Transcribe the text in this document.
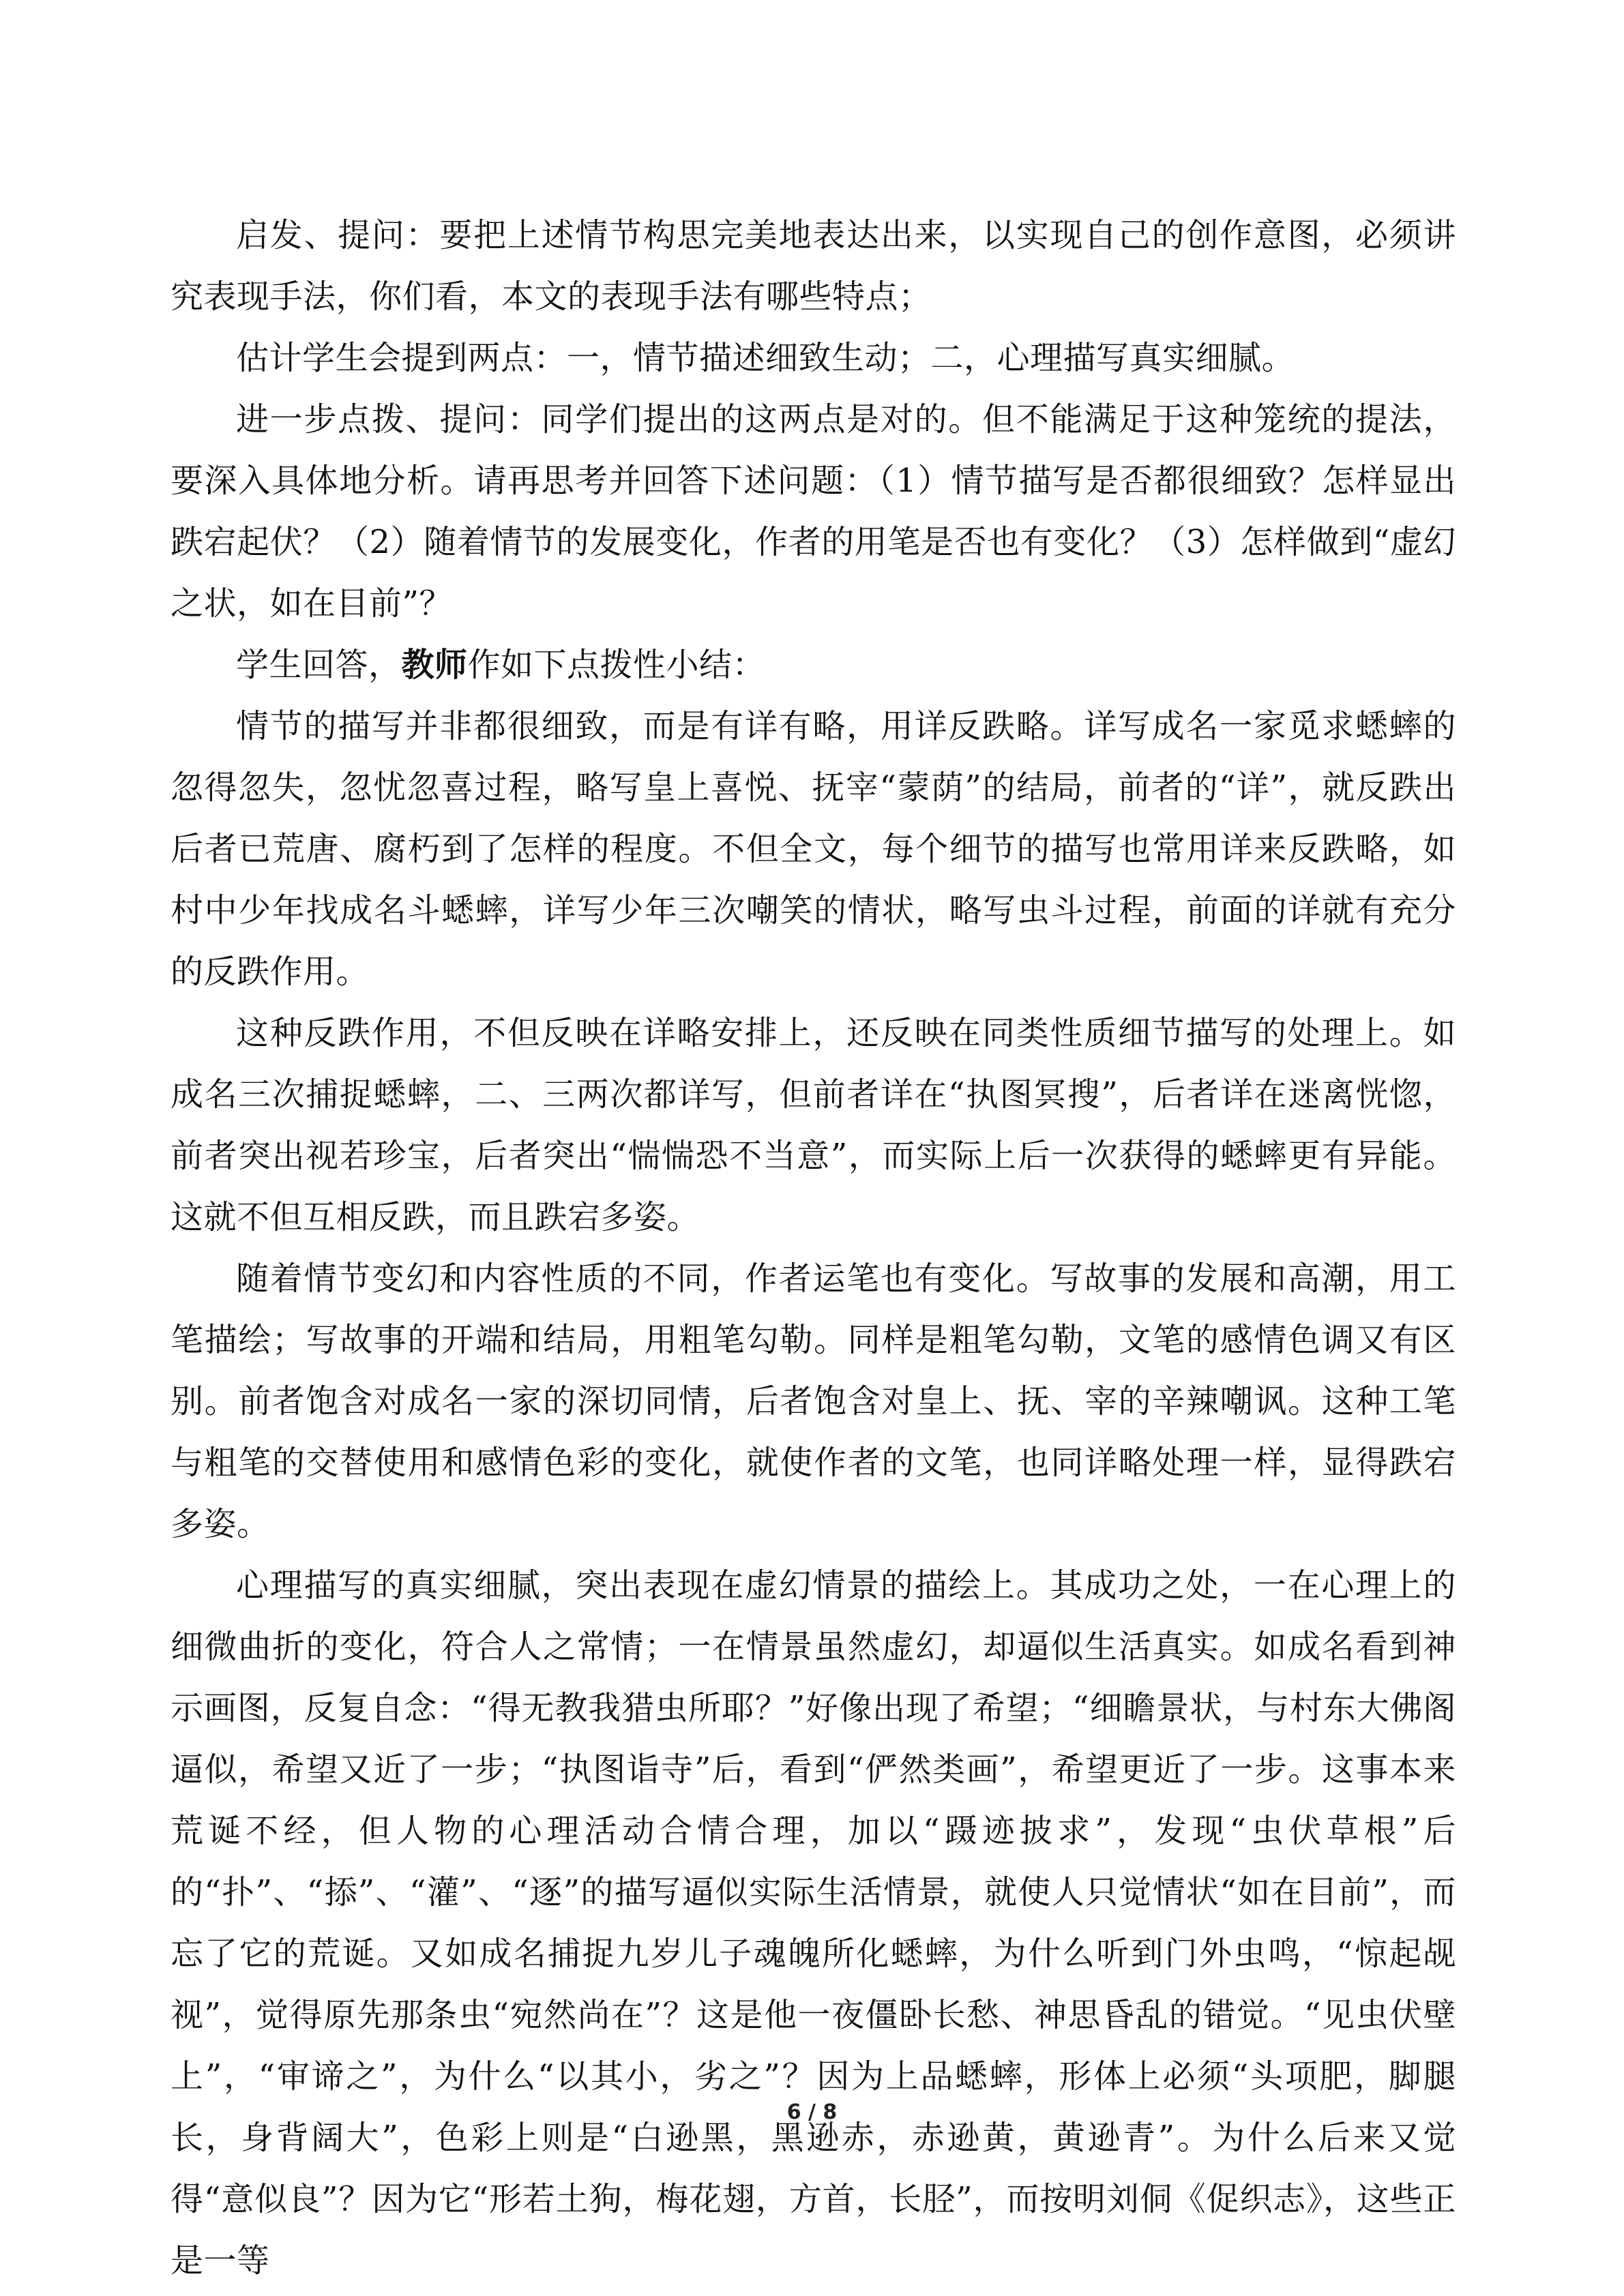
启发、提问：要把上述情节构思完美地表达出来，以实现自己的创作意图，必须讲究表现手法，你们看，本文的表现手法有哪些特点；

估计学生会提到两点：一，情节描述细致生动；二，心理描写真实细腻。

进一步点拨、提问：同学们提出的这两点是对的。但不能满足于这种笼统的提法，要深入具体地分析。请再思考并回答下述问题：（1）情节描写是否都很细致？怎样显出跌宕起伏？（2）随着情节的发展变化，作者的用笔是否也有变化？（3）怎样做到“虚幻之状，如在目前”？

学生回答，教师作如下点拨性小结：

情节的描写并非都很细致，而是有详有略，用详反跌略。详写成名一家觅求蟋蟀的忽得忽失，忽忧忽喜过程，略写皇上喜悦、抚宰“蒙荫”的结局，前者的“详”，就反跌出后者已荒唐、腐朽到了怎样的程度。不但全文，每个细节的描写也常用详来反跌略，如村中少年找成名斗蟋蟀，详写少年三次嘲笑的情状，略写虫斗过程，前面的详就有充分的反跌作用。

这种反跌作用，不但反映在详略安排上，还反映在同类性质细节描写的处理上。如成名三次捕捉蟋蟀，二、三两次都详写，但前者详在“执图冥搜”，后者详在迷离恍惚，前者突出视若珍宝，后者突出“惴惴恐不当意”，而实际上后一次获得的蟋蟀更有异能。这就不但互相反跌，而且跌宕多姿。

随着情节变幻和内容性质的不同，作者运笔也有变化。写故事的发展和高潮，用工笔描绘；写故事的开端和结局，用粗笔勾勒。同样是粗笔勾勒，文笔的感情色调又有区别。前者饱含对成名一家的深切同情，后者饱含对皇上、抚、宰的辛辣嘲讽。这种工笔与粗笔的交替使用和感情色彩的变化，就使作者的文笔，也同详略处理一样，显得跌宕多姿。

心理描写的真实细腻，突出表现在虚幻情景的描绘上。其成功之处，一在心理上的细微曲折的变化，符合人之常情；一在情景虽然虚幻，却逼似生活真实。如成名看到神示画图，反复自念：“得无教我猎虫所耶？”好像出现了希望；“细瞻景状，与村东大佛阁逼似，希望又近了一步；“执图诣寺”后，看到“俨然类画”，希望更近了一步。这事本来荒诞不经，但人物的心理活动合情合理，加以“蹑迹披求”，发现“虫伏草根”后的“扑”、“掭”、“灌”、“逐”的描写逼似实际生活情景，就使人只觉情状“如在目前”，而忘了它的荒诞。又如成名捕捉九岁儿子魂魄所化蟋蟀，为什么听到门外虫鸣，“惊起觇视”，觉得原先那条虫“宛然尚在”？这是他一夜僵卧长愁、神思昏乱的错觉。“见虫伏壁上”，“审谛之”，为什么“以其小，劣之”？因为上品蟋蟀，形体上必须“头项肥，脚腿长，身背阔大”，色彩上则是“白逊黑，黑逊赤，赤逊黄，黄逊青”。为什么后来又觉得“意似良”？因为它“形若土狗，梅花翅，方首，长胫”，而按明刘侗《促织志》，这些正是一等

6 / 8
